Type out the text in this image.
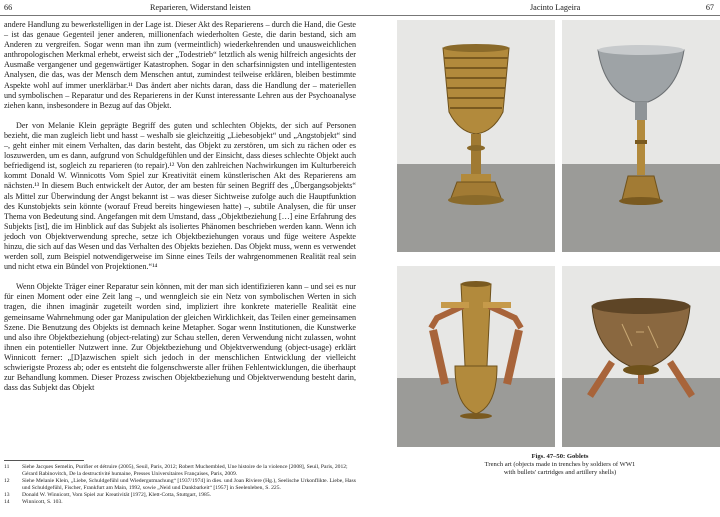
66	Reparieren, Widerstand leisten	Jacinto Lageira	67

andere Handlung zu bewerkstelligen in der Lage ist. Dieser Akt des Reparierens – durch die Hand, die Geste – ist das genaue Gegenteil jener anderen, millionenfach wiederholten Geste, die darin bestand, sich am Anderen zu vergreifen. Sogar wenn man ihn zum (vermeintlich) wiederkehrenden und unausweichlichen anthropologischen Merkmal erhebt, erweist sich der „Todestrieb“ letztlich als wenig hilfreich angesichts der Ausmaße vergangener und gegenwärtiger Katastrophen. Sogar in den scharfsinnigsten und intelligentesten Analysen, die das, was der Mensch dem Menschen antut, zumindest teilweise erklären, bleiben bestimmte Aspekte wohl auf immer unerklärbar.¹¹ Das ändert aber nichts daran, dass die Handlung der – materiellen und symbolischen – Reparatur und des Reparierens in der Kunst interessante Lehren aus der Psychoanalyse ziehen kann, insbesondere in Bezug auf das Objekt.

Der von Melanie Klein geprägte Begriff des guten und schlechten Objekts, der sich auf Personen bezieht, die man zugleich liebt und hasst – weshalb sie gleichzeitig „Liebesobjekt“ und „Angstobjekt“ sind –, geht einher mit einem Verhalten, das darin besteht, das Objekt zu zerstören, um sich zu rächen oder es loszuwerden, um es dann, aufgrund von Schuldgefühlen und der Einsicht, dass dieses schlechte Objekt auch befriedigend ist, sogleich zu reparieren (to repair).¹² Von den zahlreichen Nachwirkungen im Kulturbereich kommt Donald W. Winnicotts Vom Spiel zur Kreativität einem künstlerischen Akt des Reparierens am nächsten.¹³ In diesem Buch entwickelt der Autor, der am besten für seinen Begriff des „Übergangsobjekts“ als Mittel zur Überwindung der Angst bekannt ist – was dieser Sichtweise zufolge auch die Hauptfunktion des Kunstobjekts sein könnte (worauf Freud bereits hingewiesen hatte) –, subtile Analysen, die für unser Thema von Bedeutung sind. Angefangen mit dem Umstand, dass „Objektbeziehung […] eine Erfahrung des Subjekts [ist], die im Hinblick auf das Subjekt als isoliertes Phänomen beschrieben werden kann. Wenn ich jedoch von Objektverwendung spreche, setze ich Objektbeziehungen voraus und füge weitere Aspekte hinzu, die sich auf das Wesen und das Verhalten des Objekts beziehen. Das Objekt muss, wenn es verwendet werden soll, zum Beispiel notwendigerweise im Sinne eines Teils der wahrgenommenen Realität real sein und nicht etwa ein Bündel von Projektionen.“¹⁴

Wenn Objekte Träger einer Reparatur sein können, mit der man sich identifizieren kann – und sei es nur für einen Moment oder eine Zeit lang –, und wenngleich sie ein Netz von symbolischen Werten in sich tragen, die ihnen imaginär zugeteilt worden sind, impliziert ihre konkrete materielle Realität eine gemeinsame Wahrnehmung oder gar Manipulation der gleichen Wirklichkeit, das Teilen einer gemeinsamen Szene. Die Benutzung des Objekts ist demnach keine Metapher. Sogar wenn Institutionen, die Kunstwerke und also ihre Objektbeziehung (object-relating) zur Schau stellen, deren Verwendung nicht zulassen, wohnt ihnen ein potentieller Nutzwert inne. Zur Objektbeziehung und Objektverwendung (object-usage) erklärt Winnicott ferner: „[D]azwischen spielt sich jedoch in der menschlichen Entwicklung der vielleicht schwierigste Prozess ab; oder es entsteht die folgenschwerste aller frühen Fehlentwicklungen, die überhaupt zur Behandlung kommen. Dieser Prozess zwischen Objektbeziehung und Objektverwendung besteht darin, dass das Subjekt das Objekt

11	Siehe Jacques Semelin, Purifier et détruire (2005), Seuil, Paris, 2012; Robert Muchembled, Une histoire de la violence [2008], Seuil, Paris, 2012; Gérard Rabinovitch, De la destructivité humaine, Presses Universitaires Françaises, Paris, 2009.
12	Siehe Melanie Klein, „Liebe, Schuldgefühl und Wiedergutmachung“ [1937/1974] in dies. und Joan Riviere (Hg.), Seelische Urkonflikte. Liebe, Hass und Schuldgefühl, Fischer, Frankfurt am Main, 1992, sowie „Neid und Dankbarkeit“ [1957] in Seelenleben, S. 225.
13	Donald W. Winnicott, Vom Spiel zur Kreativität [1972], Klett-Cotta, Stuttgart, 1985.
14	Winnicott, S. 103.
Figs. 47–50: Goblets
Trench art (objects made in trenches by soldiers of WW1
with bullets' cartridges and artillery shells)
